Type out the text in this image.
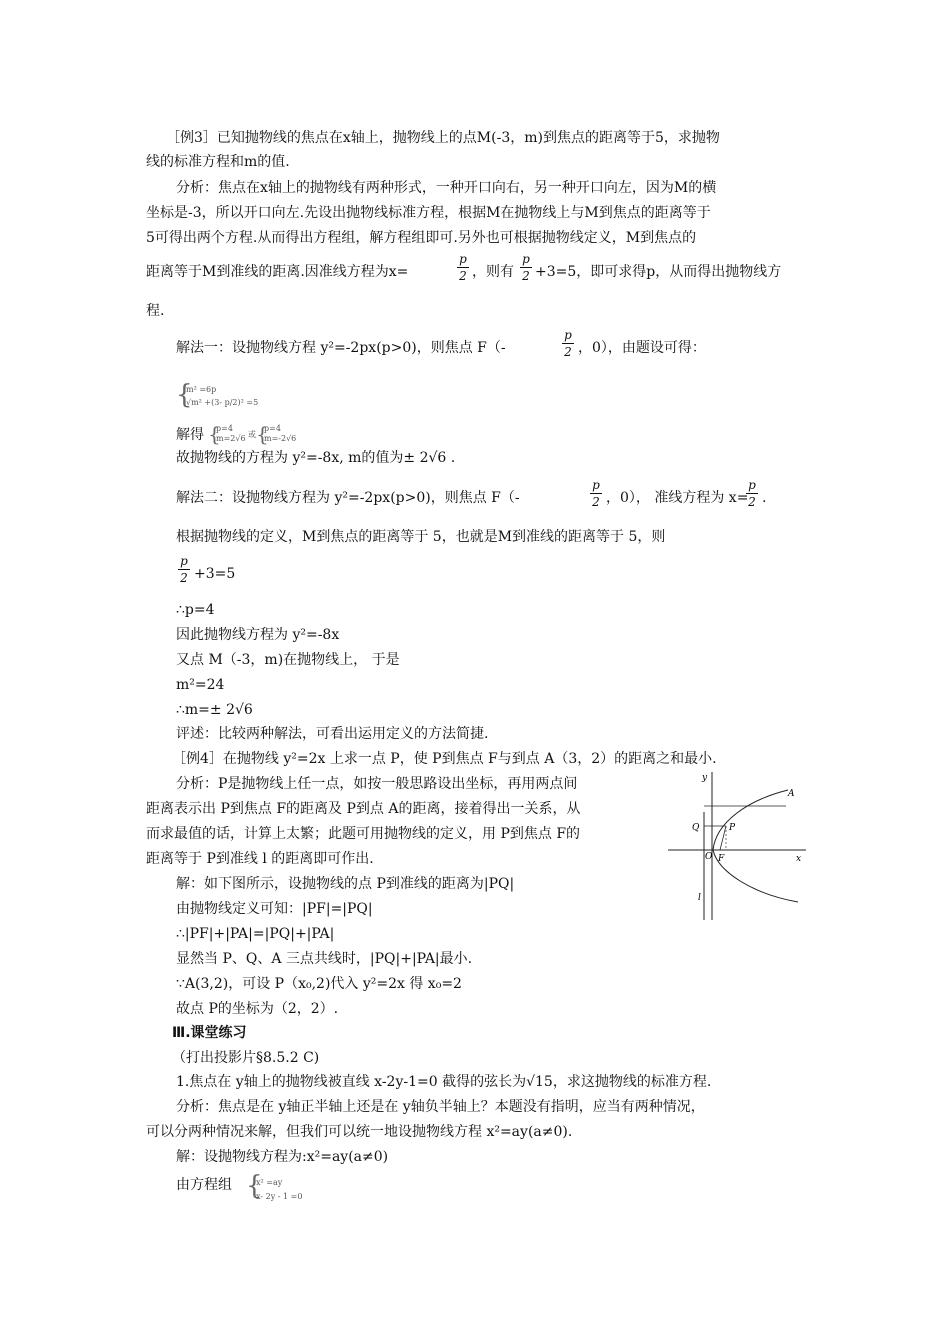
［例3］已知抛物线的焦点在x轴上，抛物线上的点M(-3，m)到焦点的距离等于5，求抛物
线的标准方程和m的值.
分析：焦点在x轴上的抛物线有两种形式，一种开口向右，另一种开口向左，因为M的横
坐标是-3，所以开口向左.先设出抛物线标准方程，根据M在抛物线上与M到焦点的距离等于
5可得出两个方程.从而得出方程组，解方程组即可.另外也可根据抛物线定义，M到焦点的
距离等于M到准线的距离.因准线方程为x=
p
2 ，则有
p
2 +3=5，即可求得p，从而得出抛物线方
程.
解法一：设抛物线方程 y²=-2px(p>0)，则焦点 F（-
p
2 ，0），由题设可得：
{
m² =6p
√m² +(3- p/2)² =5
解得 {
p=4
m=2√6 或 {
p=4
m=-2√6
故抛物线的方程为 y²=-8x, m的值为± 2√6 .
解法二：设抛物线方程为 y²=-2px(p>0)，则焦点 F（-
p
2 ，0）， 准线方程为 x=
p
2 .
根据抛物线的定义，M到焦点的距离等于 5，也就是M到准线的距离等于 5，则
p
2 +3=5
∴p=4
因此抛物线方程为 y²=-8x
又点 M（-3，m)在抛物线上， 于是
m²=24
∴m=± 2√6
评述：比较两种解法，可看出运用定义的方法简捷.
［例4］在抛物线 y²=2x 上求一点 P，使 P到焦点 F与到点 A（3，2）的距离之和最小.
分析：P是抛物线上任一点，如按一般思路设出坐标，再用两点间
距离表示出 P到焦点 F的距离及 P到点 A的距离，接着得出一关系，从
而求最值的话，计算上太繁；此题可用抛物线的定义，用 P到焦点 F的
距离等于 P到准线 l 的距离即可作出.
解：如下图所示，设抛物线的点 P到准线的距离为|PQ|
由抛物线定义可知：|PF|=|PQ|
∴|PF|+|PA|=|PQ|+|PA|
显然当 P、Q、A 三点共线时，|PQ|+|PA|最小.
∵A(3,2)，可设 P（x₀,2)代入 y²=2x 得 x₀=2
故点 P的坐标为（2，2）.
y
x
A
Q	P
O F
l
Ⅲ.课堂练习
（打出投影片§8.5.2 C)
1.焦点在 y轴上的抛物线被直线 x-2y-1=0 截得的弦长为√15，求这抛物线的标准方程.
分析：焦点是在 y轴正半轴上还是在 y轴负半轴上？本题没有指明，应当有两种情况，
可以分两种情况来解，但我们可以统一地设抛物线方程 x²=ay(a≠0).
解：设抛物线方程为:x²=ay(a≠0)
由方程组 {
x² =ay
x- 2y - 1 =0
